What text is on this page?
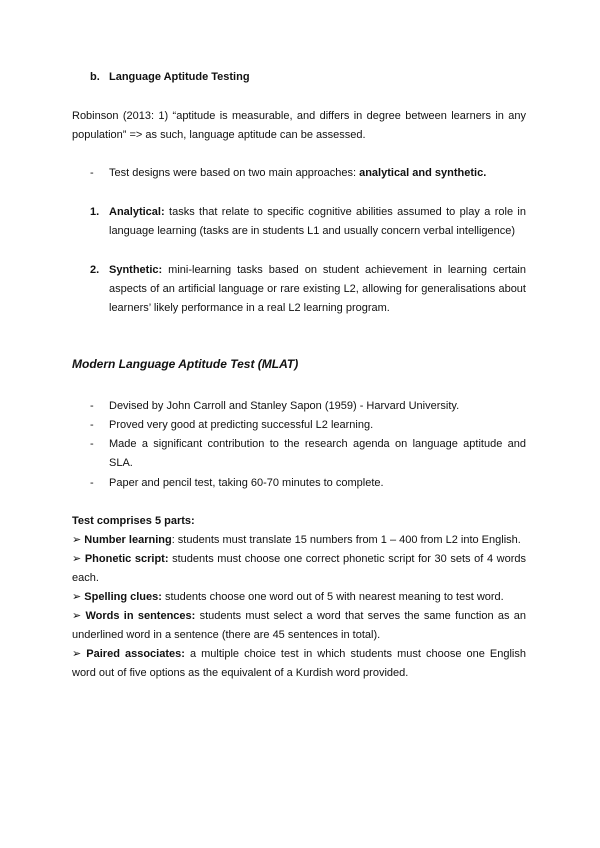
b. Language Aptitude Testing
Robinson (2013: 1) “aptitude is measurable, and differs in degree between learners in any population” => as such, language aptitude can be assessed.
- Test designs were based on two main approaches: analytical and synthetic.
1. Analytical: tasks that relate to specific cognitive abilities assumed to play a role in language learning (tasks are in students L1 and usually concern verbal intelligence)
2. Synthetic: mini-learning tasks based on student achievement in learning certain aspects of an artificial language or rare existing L2, allowing for generalisations about learners’ likely performance in a real L2 learning program.
Modern Language Aptitude Test (MLAT)
- Devised by John Carroll and Stanley Sapon (1959) - Harvard University.
- Proved very good at predicting successful L2 learning.
- Made a significant contribution to the research agenda on language aptitude and SLA.
- Paper and pencil test, taking 60-70 minutes to complete.
Test comprises 5 parts:
➢ Number learning: students must translate 15 numbers from 1 – 400 from L2 into English.
➢ Phonetic script: students must choose one correct phonetic script for 30 sets of 4 words each.
➢ Spelling clues: students choose one word out of 5 with nearest meaning to test word.
➢ Words in sentences: students must select a word that serves the same function as an underlined word in a sentence (there are 45 sentences in total).
➢ Paired associates: a multiple choice test in which students must choose one English word out of five options as the equivalent of a Kurdish word provided.
